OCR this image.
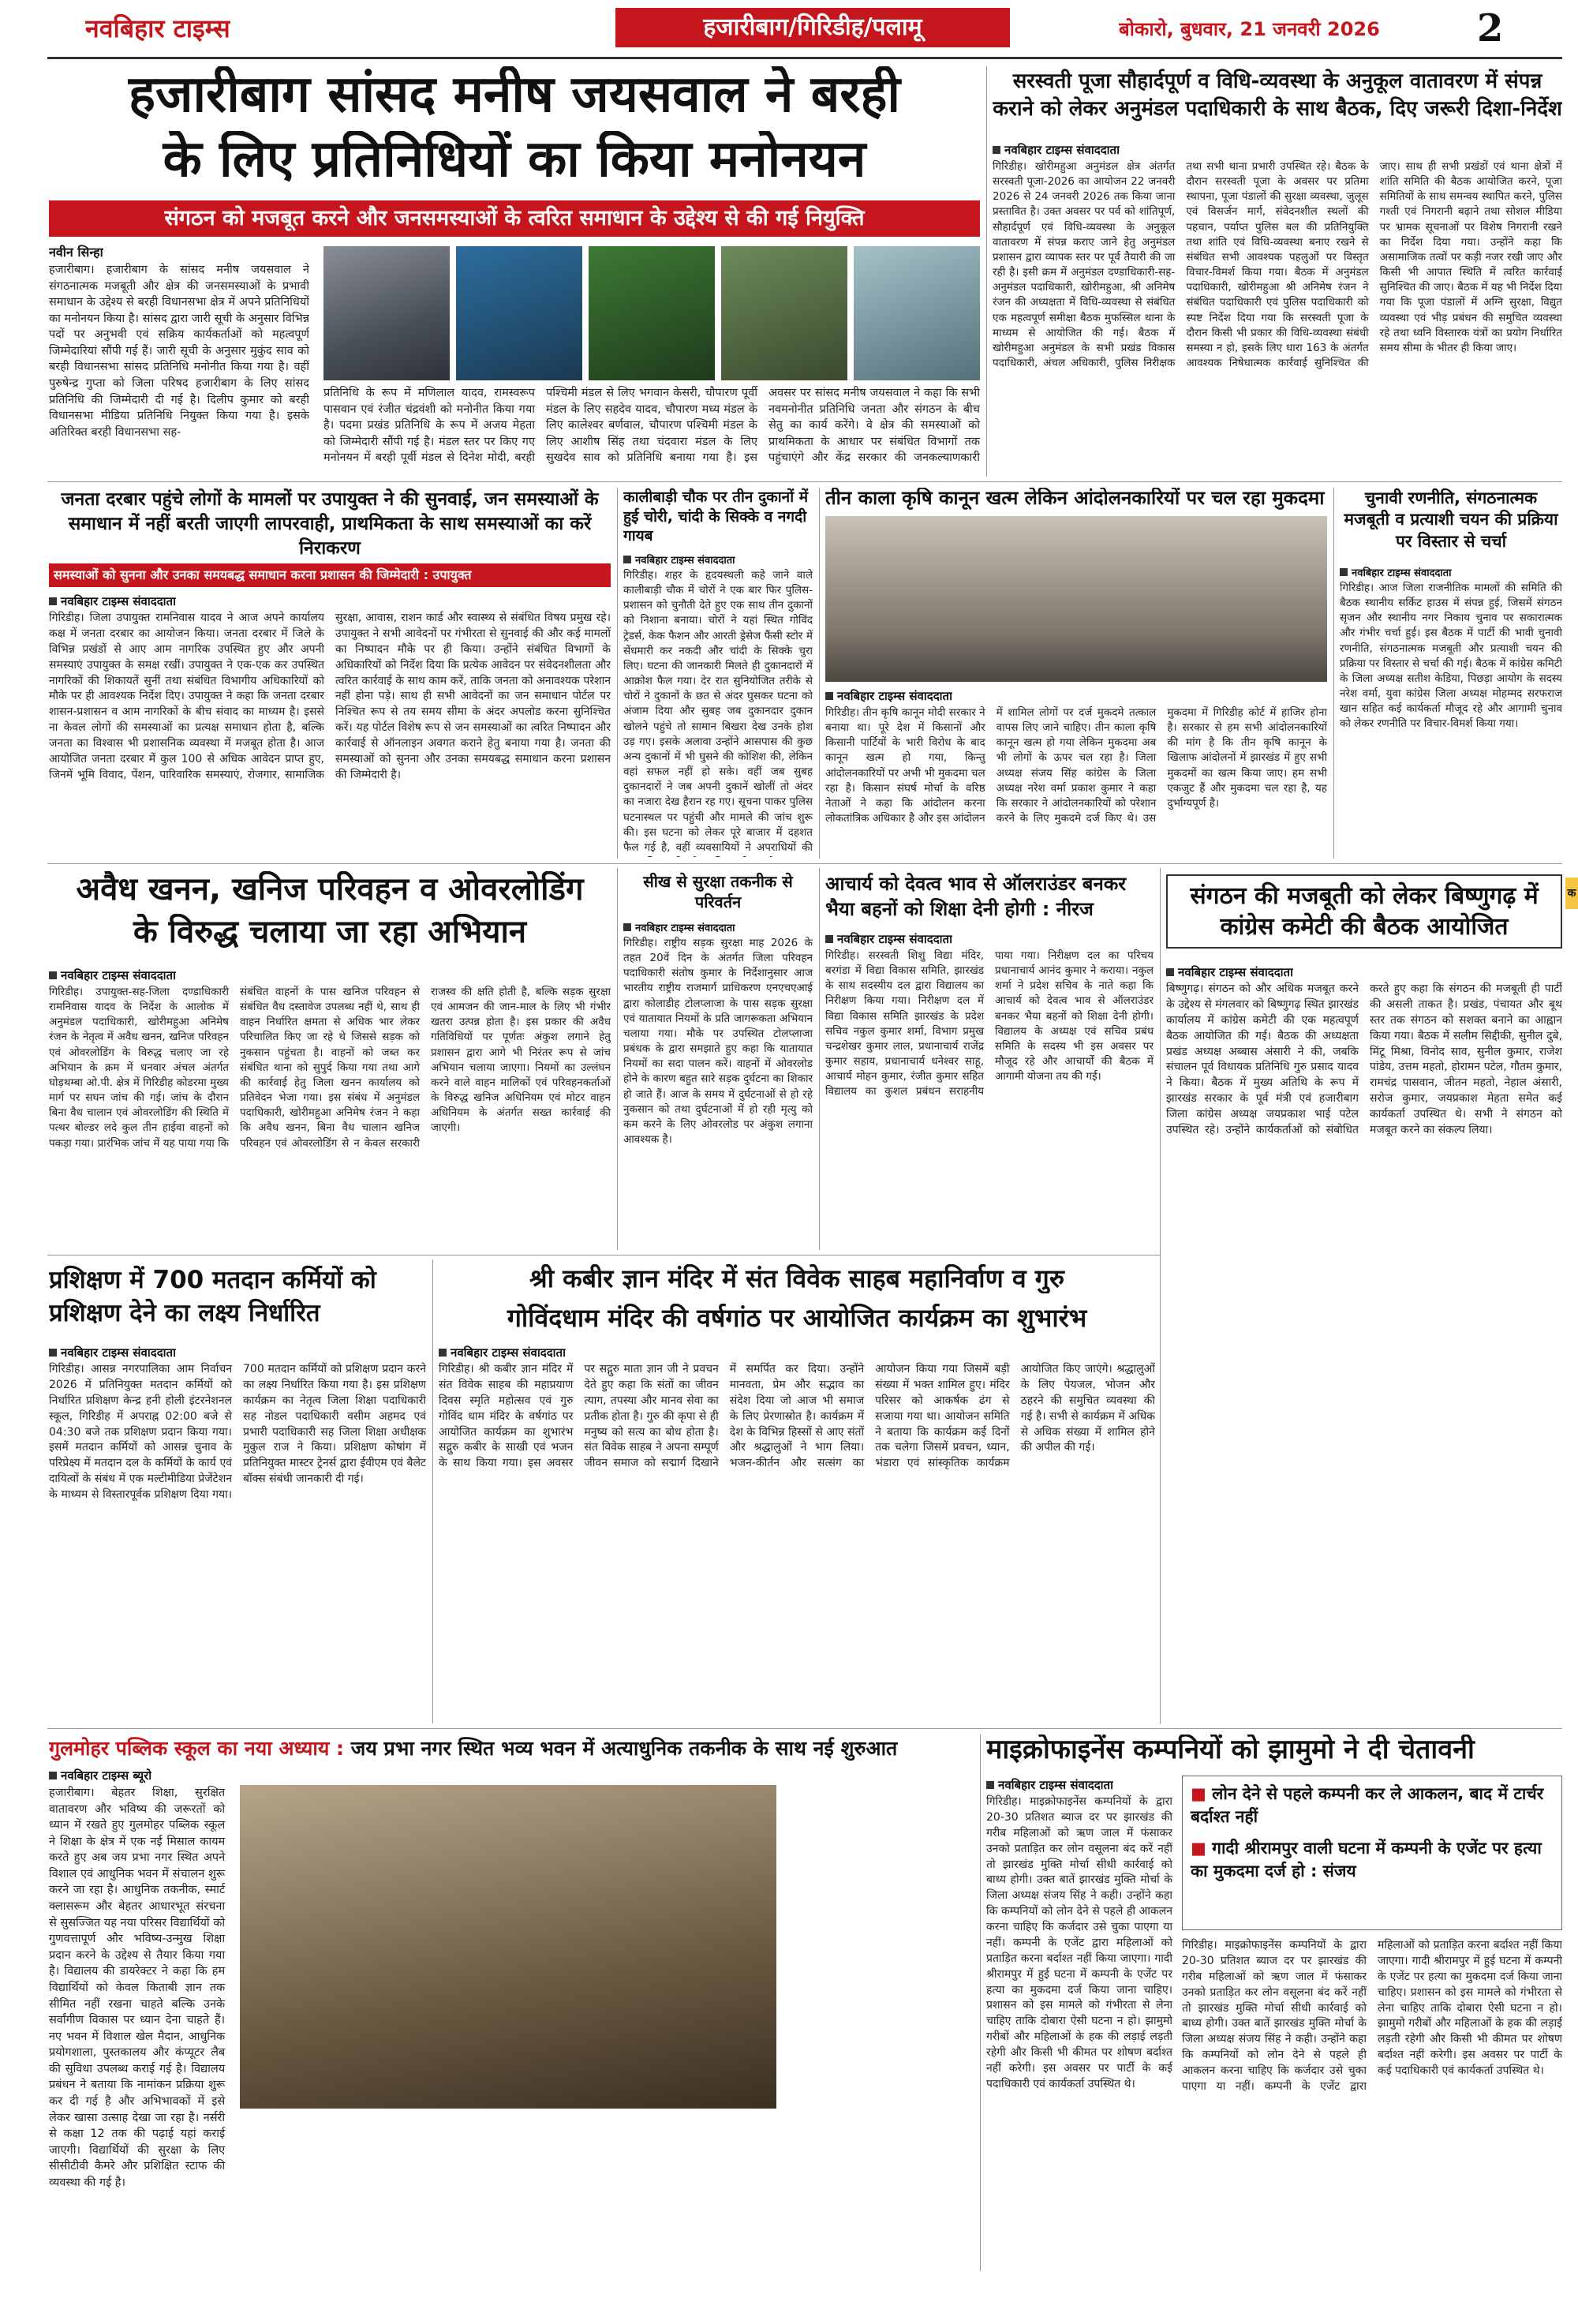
नवबिहार टाइम्स	हजारीबाग/गिरिडीह/पलामू	बोकारो, बुधवार, 21 जनवरी 2026	2
हजारीबाग सांसद मनीष जयसवाल ने बरही
के लिए प्रतिनिधियों का किया मनोनयन
संगठन को मजबूत करने और जनसमस्याओं के त्वरित समाधान के उद्देश्य से की गई नियुक्ति
नवीन सिन्हा
हजारीबाग। हजारीबाग के सांसद मनीष जयसवाल ने संगठनात्मक मजबूती और क्षेत्र की जनसमस्याओं के प्रभावी समाधान के उद्देश्य से बरही विधानसभा क्षेत्र में अपने प्रतिनिधियों का मनोनयन किया है। सांसद द्वारा जारी सूची के अनुसार विभिन्न पदों पर अनुभवी एवं सक्रिय कार्यकर्ताओं को महत्वपूर्ण जिम्मेदारियां सौंपी गई हैं। जारी सूची के अनुसार मुकुंद साव को बरही विधानसभा सांसद प्रतिनिधि मनोनीत किया गया है। वहीं पुरुषेन्द्र गुप्ता को जिला परिषद हजारीबाग के लिए सांसद प्रतिनिधि की जिम्मेदारी दी गई है। दिलीप कुमार को बरही विधानसभा मीडिया प्रतिनिधि नियुक्त किया गया है। इसके अतिरिक्त बरही विधानसभा सह-
प्रतिनिधि के रूप में मणिलाल यादव, रामस्वरूप पासवान एवं रंजीत चंद्रवंशी को मनोनीत किया गया है। पदमा प्रखंड प्रतिनिधि के रूप में अजय मेहता को जिम्मेदारी सौंपी गई है। मंडल स्तर पर किए गए मनोनयन में बरही पूर्वी मंडल से दिनेश मोदी, बरही पश्चिमी मंडल से लिए भगवान केसरी, चौपारण पूर्वी मंडल के लिए सहदेव यादव, चौपारण मध्य मंडल के लिए कालेश्वर बर्णवाल, चौपारण पश्चिमी मंडल के लिए आशीष सिंह तथा चंदवारा मंडल के लिए सुखदेव साव को प्रतिनिधि बनाया गया है। इस अवसर पर सांसद मनीष जयसवाल ने कहा कि सभी नवमनोनीत प्रतिनिधि जनता और संगठन के बीच सेतु का कार्य करेंगे। वे क्षेत्र की समस्याओं को प्राथमिकता के आधार पर संबंधित विभागों तक पहुंचाएंगे और केंद्र सरकार की जनकल्याणकारी
सरस्वती पूजा सौहार्दपूर्ण व विधि-व्यवस्था के अनुकूल वातावरण में संपन्न कराने को लेकर अनुमंडल पदाधिकारी के साथ बैठक, दिए जरूरी दिशा-निर्देश
नवबिहार टाइम्स संवाददाता
गिरिडीह। खोरीमहुआ अनुमंडल क्षेत्र अंतर्गत सरस्वती पूजा-2026 का आयोजन 22 जनवरी 2026 से 24 जनवरी 2026 तक किया जाना प्रस्तावित है। उक्त अवसर पर पर्व को शांतिपूर्ण, सौहार्दपूर्ण एवं विधि-व्यवस्था के अनुकूल वातावरण में संपन्न कराए जाने हेतु अनुमंडल प्रशासन द्वारा व्यापक स्तर पर पूर्व तैयारी की जा रही है। इसी क्रम में अनुमंडल दण्डाधिकारी-सह-अनुमंडल पदाधिकारी, खोरीमहुआ, श्री अनिमेष रंजन की अध्यक्षता में विधि-व्यवस्था से संबंधित एक महत्वपूर्ण समीक्षा बैठक मुफस्सिल थाना के माध्यम से आयोजित की गई। बैठक में खोरीमहुआ अनुमंडल के सभी प्रखंड विकास पदाधिकारी, अंचल अधिकारी, पुलिस निरीक्षक तथा सभी थाना प्रभारी उपस्थित रहे। बैठक के दौरान सरस्वती पूजा के अवसर पर प्रतिमा स्थापना, पूजा पंडालों की सुरक्षा व्यवस्था, जुलूस एवं विसर्जन मार्ग, संवेदनशील स्थलों की पहचान, पर्याप्त पुलिस बल की प्रतिनियुक्ति तथा शांति एवं विधि-व्यवस्था बनाए रखने से संबंधित सभी आवश्यक पहलुओं पर विस्तृत विचार-विमर्श किया गया। बैठक में अनुमंडल पदाधिकारी, खोरीमहुआ श्री अनिमेष रंजन ने संबंधित पदाधिकारी एवं पुलिस पदाधिकारी को स्पष्ट निर्देश दिया गया कि सरस्वती पूजा के दौरान किसी भी प्रकार की विधि-व्यवस्था संबंधी समस्या न हो, इसके लिए धारा 163 के अंतर्गत आवश्यक निषेधात्मक कार्रवाई सुनिश्चित की जाए। साथ ही सभी प्रखंडों एवं थाना क्षेत्रों में शांति समिति की बैठक आयोजित करने, पूजा समितियों के साथ समन्वय स्थापित करने, पुलिस गश्ती एवं निगरानी बढ़ाने तथा सोशल मीडिया पर भ्रामक सूचनाओं पर विशेष निगरानी रखने का निर्देश दिया गया। उन्होंने कहा कि असामाजिक तत्वों पर कड़ी नजर रखी जाए और किसी भी आपात स्थिति में त्वरित कार्रवाई सुनिश्चित की जाए। बैठक में यह भी निर्देश दिया गया कि पूजा पंडालों में अग्नि सुरक्षा, विद्युत व्यवस्था एवं भीड़ प्रबंधन की समुचित व्यवस्था रहे तथा ध्वनि विस्तारक यंत्रों का प्रयोग निर्धारित समय सीमा के भीतर ही किया जाए।
जनता दरबार पहुंचे लोगों के मामलों पर उपायुक्त ने की सुनवाई, जन समस्याओं के समाधान में नहीं बरती जाएगी लापरवाही, प्राथमिकता के साथ समस्याओं का करें निराकरण
समस्याओं को सुनना और उनका समयबद्ध समाधान करना प्रशासन की जिम्मेदारी : उपायुक्त
नवबिहार टाइम्स संवाददाता
गिरिडीह। जिला उपायुक्त रामनिवास यादव ने आज अपने कार्यालय कक्ष में जनता दरबार का आयोजन किया। जनता दरबार में जिले के विभिन्न प्रखंडों से आए आम नागरिक उपस्थित हुए और अपनी समस्याएं उपायुक्त के समक्ष रखीं। उपायुक्त ने एक-एक कर उपस्थित नागरिकों की शिकायतें सुनीं तथा संबंधित विभागीय अधिकारियों को मौके पर ही आवश्यक निर्देश दिए। उपायुक्त ने कहा कि जनता दरबार शासन-प्रशासन व आम नागरिकों के बीच संवाद का माध्यम है। इससे ना केवल लोगों की समस्याओं का प्रत्यक्ष समाधान होता है, बल्कि जनता का विश्वास भी प्रशासनिक व्यवस्था में मजबूत होता है। आज आयोजित जनता दरबार में कुल 100 से अधिक आवेदन प्राप्त हुए, जिनमें भूमि विवाद, पेंशन, पारिवारिक समस्याएं, रोजगार, सामाजिक सुरक्षा, आवास, राशन कार्ड और स्वास्थ्य से संबंधित विषय प्रमुख रहे। उपायुक्त ने सभी आवेदनों पर गंभीरता से सुनवाई की और कई मामलों का निष्पादन मौके पर ही किया। उन्होंने संबंधित विभागों के अधिकारियों को निर्देश दिया कि प्रत्येक आवेदन पर संवेदनशीलता और त्वरित कार्रवाई के साथ काम करें, ताकि जनता को अनावश्यक परेशान नहीं होना पड़े। साथ ही सभी आवेदनों का जन समाधान पोर्टल पर निश्चित रूप से तय समय सीमा के अंदर अपलोड करना सुनिश्चित करें। यह पोर्टल विशेष रूप से जन समस्याओं का त्वरित निष्पादन और कार्रवाई से ऑनलाइन अवगत कराने हेतु बनाया गया है। जनता की समस्याओं को सुनना और उनका समयबद्ध समाधान करना प्रशासन की जिम्मेदारी है।
कालीबाड़ी चौक पर तीन दुकानों में हुई चोरी, चांदी के सिक्के व नगदी गायब
नवबिहार टाइम्स संवाददाता
गिरिडीह। शहर के हृदयस्थली कहे जाने वाले कालीबाड़ी चौक में चोरों ने एक बार फिर पुलिस-प्रशासन को चुनौती देते हुए एक साथ तीन दुकानों को निशाना बनाया। चोरों ने यहां स्थित गोविंद ट्रेडर्स, केक फैशन और आरती ड्रेसेज फैंसी स्टोर में सेंधमारी कर नकदी और चांदी के सिक्के चुरा लिए। घटना की जानकारी मिलते ही दुकानदारों में आक्रोश फैल गया। देर रात सुनियोजित तरीके से चोरों ने दुकानों के छत से अंदर घुसकर घटना को अंजाम दिया और सुबह जब दुकानदार दुकान खोलने पहुंचे तो सामान बिखरा देख उनके होश उड़ गए। इसके अलावा उन्होंने आसपास की कुछ अन्य दुकानों में भी घुसने की कोशिश की, लेकिन वहां सफल नहीं हो सके। वहीं जब सुबह दुकानदारों ने जब अपनी दुकानें खोलीं तो अंदर का नजारा देख हैरान रह गए। सूचना पाकर पुलिस घटनास्थल पर पहुंची और मामले की जांच शुरू की। इस घटना को लेकर पूरे बाजार में दहशत फैल गई है, वहीं व्यवसायियों ने अपराधियों की
तीन काला कृषि कानून खत्म लेकिन आंदोलनकारियों पर चल रहा मुकदमा
नवबिहार टाइम्स संवाददाता
गिरिडीह। तीन कृषि कानून मोदी सरकार ने बनाया था। पूरे देश में किसानों और किसानी पार्टियों के भारी विरोध के बाद कानून खत्म हो गया, किन्तु आंदोलनकारियों पर अभी भी मुकदमा चल रहा है। किसान संघर्ष मोर्चा के वरिष्ठ नेताओं ने कहा कि आंदोलन करना लोकतांत्रिक अधिकार है और इस आंदोलन में शामिल लोगों पर दर्ज मुकदमे तत्काल वापस लिए जाने चाहिए। तीन काला कृषि कानून खत्म हो गया लेकिन मुकदमा अब भी लोगों के ऊपर चल रहा है। जिला अध्यक्ष संजय सिंह कांग्रेस के जिला अध्यक्ष नरेश वर्मा प्रकाश कुमार ने कहा कि सरकार ने आंदोलनकारियों को परेशान करने के लिए मुकदमे दर्ज किए थे। उस मुकदमा में गिरिडीह कोर्ट में हाजिर होना है। सरकार से हम सभी आंदोलनकारियों की मांग है कि तीन कृषि कानून के खिलाफ आंदोलनों में झारखंड में हुए सभी मुकदमों का खत्म किया जाए। हम सभी एकजुट हैं और मुकदमा चल रहा है, यह दुर्भाग्यपूर्ण है।
चुनावी रणनीति, संगठनात्मक मजबूती व प्रत्याशी चयन की प्रक्रिया पर विस्तार से चर्चा
नवबिहार टाइम्स संवाददाता
गिरिडीह। आज जिला राजनीतिक मामलों की समिति की बैठक स्थानीय सर्किट हाउस में संपन्न हुई, जिसमें संगठन सृजन और स्थानीय नगर निकाय चुनाव पर सकारात्मक और गंभीर चर्चा हुई। इस बैठक में पार्टी की भावी चुनावी रणनीति, संगठनात्मक मजबूती और प्रत्याशी चयन की प्रक्रिया पर विस्तार से चर्चा की गई। बैठक में कांग्रेस कमिटी के जिला अध्यक्ष सतीश केडिया, पिछड़ा आयोग के सदस्य नरेश वर्मा, युवा कांग्रेस जिला अध्यक्ष मोहम्मद सरफराज खान सहित कई कार्यकर्ता मौजूद रहे और आगामी चुनाव को लेकर रणनीति पर विचार-विमर्श किया गया।
अवैध खनन, खनिज परिवहन व ओवरलोडिंग
के विरुद्ध चलाया जा रहा अभियान
नवबिहार टाइम्स संवाददाता
गिरिडीह। उपायुक्त-सह-जिला दण्डाधिकारी रामनिवास यादव के निर्देश के आलोक में अनुमंडल पदाधिकारी, खोरीमहुआ अनिमेष रंजन के नेतृत्व में अवैध खनन, खनिज परिवहन एवं ओवरलोडिंग के विरुद्ध चलाए जा रहे अभियान के क्रम में धनवार अंचल अंतर्गत घोड़थम्बा ओ.पी. क्षेत्र में गिरिडीह कोडरमा मुख्य मार्ग पर सघन जांच की गई। जांच के दौरान बिना वैध चालान एवं ओवरलोडिंग की स्थिति में पत्थर बोल्डर लदे कुल तीन हाईवा वाहनों को पकड़ा गया। प्रारंभिक जांच में यह पाया गया कि संबंधित वाहनों के पास खनिज परिवहन से संबंधित वैध दस्तावेज उपलब्ध नहीं थे, साथ ही वाहन निर्धारित क्षमता से अधिक भार लेकर परिचालित किए जा रहे थे जिससे सड़क को नुकसान पहुंचता है। वाहनों को जब्त कर संबंधित थाना को सुपुर्द किया गया तथा आगे की कार्रवाई हेतु जिला खनन कार्यालय को प्रतिवेदन भेजा गया। इस संबंध में अनुमंडल पदाधिकारी, खोरीमहुआ अनिमेष रंजन ने कहा कि अवैध खनन, बिना वैध चालान खनिज परिवहन एवं ओवरलोडिंग से न केवल सरकारी राजस्व की क्षति होती है, बल्कि सड़क सुरक्षा एवं आमजन की जान-माल के लिए भी गंभीर खतरा उत्पन्न होता है। इस प्रकार की अवैध गतिविधियों पर पूर्णतः अंकुश लगाने हेतु प्रशासन द्वारा आगे भी निरंतर रूप से जांच अभियान चलाया जाएगा। नियमों का उल्लंघन करने वाले वाहन मालिकों एवं परिवहनकर्ताओं के विरुद्ध खनिज अधिनियम एवं मोटर वाहन अधिनियम के अंतर्गत सख्त कार्रवाई की जाएगी।
सीख से सुरक्षा तकनीक से परिवर्तन
नवबिहार टाइम्स संवाददाता
गिरिडीह। राष्ट्रीय सड़क सुरक्षा माह 2026 के तहत 20वें दिन के अंतर्गत जिला परिवहन पदाधिकारी संतोष कुमार के निर्देशानुसार आज भारतीय राष्ट्रीय राजमार्ग प्राधिकरण एनएचएआई द्वारा कोलाडीह टोलप्लाजा के पास सड़क सुरक्षा एवं यातायात नियमों के प्रति जागरूकता अभियान चलाया गया। मौके पर उपस्थित टोलप्लाजा प्रबंधक के द्वारा समझाते हुए कहा कि यातायात नियमों का सदा पालन करें। वाहनों में ओवरलोड होने के कारण बहुत सारे सड़क दुर्घटना का शिकार हो जाते हैं। आज के समय में दुर्घटनाओं से हो रहे नुकसान को तथा दुर्घटनाओं में हो रही मृत्यु को कम करने के लिए ओवरलोड पर अंकुश लगाना आवश्यक है।
आचार्य को देवत्व भाव से ऑलराउंडर बनकर भैया बहनों को शिक्षा देनी होगी : नीरज
नवबिहार टाइम्स संवाददाता
गिरिडीह। सरस्वती शिशु विद्या मंदिर, बरगंडा में विद्या विकास समिति, झारखंड के साथ सदस्यीय दल द्वारा विद्यालय का निरीक्षण किया गया। निरीक्षण दल में विद्या विकास समिति झारखंड के प्रदेश सचिव नकुल कुमार शर्मा, विभाग प्रमुख चन्द्रशेखर कुमार लाल, प्रधानाचार्य राजेंद्र कुमार सहाय, प्रधानाचार्य धनेश्वर साहू, आचार्य मोहन कुमार, रंजीत कुमार सहित विद्यालय का कुशल प्रबंधन सराहनीय पाया गया। निरीक्षण दल का परिचय प्रधानाचार्य आनंद कुमार ने कराया। नकुल शर्मा ने प्रदेश सचिव के नाते कहा कि आचार्य को देवत्व भाव से ऑलराउंडर बनकर भैया बहनों को शिक्षा देनी होगी। विद्यालय के अध्यक्ष एवं सचिव प्रबंध समिति के सदस्य भी इस अवसर पर मौजूद रहे और आचार्यों की बैठक में आगामी योजना तय की गई।
संगठन की मजबूती को लेकर बिष्णुगढ़ में कांग्रेस कमेटी की बैठक आयोजित
नवबिहार टाइम्स संवाददाता
बिष्णुगढ़। संगठन को और अधिक मजबूत करने के उद्देश्य से मंगलवार को बिष्णुगढ़ स्थित झारखंड कार्यालय में कांग्रेस कमेटी की एक महत्वपूर्ण बैठक आयोजित की गई। बैठक की अध्यक्षता प्रखंड अध्यक्ष अब्बास अंसारी ने की, जबकि संचालन पूर्व विधायक प्रतिनिधि गुरु प्रसाद यादव ने किया। बैठक में मुख्य अतिथि के रूप में झारखंड सरकार के पूर्व मंत्री एवं हजारीबाग जिला कांग्रेस अध्यक्ष जयप्रकाश भाई पटेल उपस्थित रहे। उन्होंने कार्यकर्ताओं को संबोधित करते हुए कहा कि संगठन की मजबूती ही पार्टी की असली ताकत है। प्रखंड, पंचायत और बूथ स्तर तक संगठन को सशक्त बनाने का आह्वान किया गया। बैठक में सलीम सिद्दीकी, सुनील दुबे, मिंटू मिश्रा, विनोद साव, सुनील कुमार, राजेश पांडेय, उत्तम महतो, होरामन पटेल, गौतम कुमार, रामचंद्र पासवान, जीतन महतो, नेहाल अंसारी, सरोज कुमार, जयप्रकाश मेहता समेत कई कार्यकर्ता उपस्थित थे। सभी ने संगठन को मजबूत करने का संकल्प लिया।
क
प्रशिक्षण में 700 मतदान कर्मियों को प्रशिक्षण देने का लक्ष्य निर्धारित
नवबिहार टाइम्स संवाददाता
गिरिडीह। आसन्न नगरपालिका आम निर्वाचन 2026 में प्रतिनियुक्त मतदान कर्मियों को निर्धारित प्रशिक्षण केन्द्र हनी होली इंटरनेशनल स्कूल, गिरिडीह में अपराह्न 02:00 बजे से 04:30 बजे तक प्रशिक्षण प्रदान किया गया। इसमें मतदान कर्मियों को आसन्न चुनाव के परिप्रेक्ष्य में मतदान दल के कर्मियों के कार्य एवं दायित्वों के संबंध में एक मल्टीमीडिया प्रेजेंटेशन के माध्यम से विस्तारपूर्वक प्रशिक्षण दिया गया। 700 मतदान कर्मियों को प्रशिक्षण प्रदान करने का लक्ष्य निर्धारित किया गया है। इस प्रशिक्षण कार्यक्रम का नेतृत्व जिला शिक्षा पदाधिकारी सह नोडल पदाधिकारी वसीम अहमद एवं प्रभारी पदाधिकारी सह जिला शिक्षा अधीक्षक मुकुल राज ने किया। प्रशिक्षण कोषांग में प्रतिनियुक्त मास्टर ट्रेनर्स द्वारा ईवीएम एवं बैलेट बॉक्स संबंधी जानकारी दी गई।
श्री कबीर ज्ञान मंदिर में संत विवेक साहब महानिर्वाण व गुरु
गोविंदधाम मंदिर की वर्षगांठ पर आयोजित कार्यक्रम का शुभारंभ
नवबिहार टाइम्स संवाददाता
गिरिडीह। श्री कबीर ज्ञान मंदिर में संत विवेक साहब की महाप्रयाण दिवस स्मृति महोत्सव एवं गुरु गोविंद धाम मंदिर के वर्षगांठ पर आयोजित कार्यक्रम का शुभारंभ सद्गुरु कबीर के साखी एवं भजन के साथ किया गया। इस अवसर पर सद्गुरु माता ज्ञान जी ने प्रवचन देते हुए कहा कि संतों का जीवन त्याग, तपस्या और मानव सेवा का प्रतीक होता है। गुरु की कृपा से ही मनुष्य को सत्य का बोध होता है। संत विवेक साहब ने अपना सम्पूर्ण जीवन समाज को सद्मार्ग दिखाने में समर्पित कर दिया। उन्होंने मानवता, प्रेम और सद्भाव का संदेश दिया जो आज भी समाज के लिए प्रेरणास्रोत है। कार्यक्रम में देश के विभिन्न हिस्सों से आए संतों और श्रद्धालुओं ने भाग लिया। भजन-कीर्तन और सत्संग का आयोजन किया गया जिसमें बड़ी संख्या में भक्त शामिल हुए। मंदिर परिसर को आकर्षक ढंग से सजाया गया था। आयोजन समिति ने बताया कि कार्यक्रम कई दिनों तक चलेगा जिसमें प्रवचन, ध्यान, भंडारा एवं सांस्कृतिक कार्यक्रम आयोजित किए जाएंगे। श्रद्धालुओं के लिए पेयजल, भोजन और ठहरने की समुचित व्यवस्था की गई है। सभी से कार्यक्रम में अधिक से अधिक संख्या में शामिल होने की अपील की गई।
गुलमोहर पब्लिक स्कूल का नया अध्याय : जय प्रभा नगर स्थित भव्य भवन में अत्याधुनिक तकनीक के साथ नई शुरुआत
नवबिहार टाइम्स ब्यूरो
हजारीबाग। बेहतर शिक्षा, सुरक्षित वातावरण और भविष्य की जरूरतों को ध्यान में रखते हुए गुलमोहर पब्लिक स्कूल ने शिक्षा के क्षेत्र में एक नई मिसाल कायम करते हुए अब जय प्रभा नगर स्थित अपने विशाल एवं आधुनिक भवन में संचालन शुरू करने जा रहा है। आधुनिक तकनीक, स्मार्ट क्लासरूम और बेहतर आधारभूत संरचना से सुसज्जित यह नया परिसर विद्यार्थियों को गुणवत्तापूर्ण और भविष्य-उन्मुख शिक्षा प्रदान करने के उद्देश्य से तैयार किया गया है। विद्यालय की डायरेक्टर ने कहा कि हम विद्यार्थियों को केवल किताबी ज्ञान तक सीमित नहीं रखना चाहते बल्कि उनके सर्वांगीण विकास पर ध्यान देना चाहते हैं। नए भवन में विशाल खेल मैदान, आधुनिक प्रयोगशाला, पुस्तकालय और कंप्यूटर लैब की सुविधा उपलब्ध कराई गई है। विद्यालय प्रबंधन ने बताया कि नामांकन प्रक्रिया शुरू कर दी गई है और अभिभावकों में इसे लेकर खासा उत्साह देखा जा रहा है। नर्सरी से कक्षा 12 तक की पढ़ाई यहां कराई जाएगी। विद्यार्थियों की सुरक्षा के लिए सीसीटीवी कैमरे और प्रशिक्षित स्टाफ की व्यवस्था की गई है।
माइक्रोफाइनेंस कम्पनियों को झामुमो ने दी चेतावनी
नवबिहार टाइम्स संवाददाता
गिरिडीह। माइक्रोफाइनेंस कम्पनियों के द्वारा 20-30 प्रतिशत ब्याज दर पर झारखंड की गरीब महिलाओं को ऋण जाल में फंसाकर उनको प्रताड़ित कर लोन वसूलना बंद करें नहीं तो झारखंड मुक्ति मोर्चा सीधी कार्रवाई को बाध्य होगी। उक्त बातें झारखंड मुक्ति मोर्चा के जिला अध्यक्ष संजय सिंह ने कही। उन्होंने कहा कि कम्पनियों को लोन देने से पहले ही आकलन करना चाहिए कि कर्जदार उसे चुका पाएगा या नहीं। कम्पनी के एजेंट द्वारा महिलाओं को प्रताड़ित करना बर्दाश्त नहीं किया जाएगा। गादी श्रीरामपुर में हुई घटना में कम्पनी के एजेंट पर हत्या का मुकदमा दर्ज किया जाना चाहिए। प्रशासन को इस मामले को गंभीरता से लेना चाहिए ताकि दोबारा ऐसी घटना न हो। झामुमो गरीबों और महिलाओं के हक की लड़ाई लड़ती रहेगी और किसी भी कीमत पर शोषण बर्दाश्त नहीं करेगी। इस अवसर पर पार्टी के कई पदाधिकारी एवं कार्यकर्ता उपस्थित थे।
■ लोन देने से पहले कम्पनी कर ले आकलन, बाद में टार्चर बर्दाश्त नहीं
■ गादी श्रीरामपुर वाली घटना में कम्पनी के एजेंट पर हत्या का मुकदमा दर्ज हो : संजय
गिरिडीह। माइक्रोफाइनेंस कम्पनियों के द्वारा 20-30 प्रतिशत ब्याज दर पर झारखंड की गरीब महिलाओं को ऋण जाल में फंसाकर उनको प्रताड़ित कर लोन वसूलना बंद करें नहीं तो झारखंड मुक्ति मोर्चा सीधी कार्रवाई को बाध्य होगी। उक्त बातें झारखंड मुक्ति मोर्चा के जिला अध्यक्ष संजय सिंह ने कही। उन्होंने कहा कि कम्पनियों को लोन देने से पहले ही आकलन करना चाहिए कि कर्जदार उसे चुका पाएगा या नहीं। कम्पनी के एजेंट द्वारा महिलाओं को प्रताड़ित करना बर्दाश्त नहीं किया जाएगा। गादी श्रीरामपुर में हुई घटना में कम्पनी के एजेंट पर हत्या का मुकदमा दर्ज किया जाना चाहिए। प्रशासन को इस मामले को गंभीरता से लेना चाहिए ताकि दोबारा ऐसी घटना न हो। झामुमो गरीबों और महिलाओं के हक की लड़ाई लड़ती रहेगी और किसी भी कीमत पर शोषण बर्दाश्त नहीं करेगी। इस अवसर पर पार्टी के कई पदाधिकारी एवं कार्यकर्ता उपस्थित थे।
